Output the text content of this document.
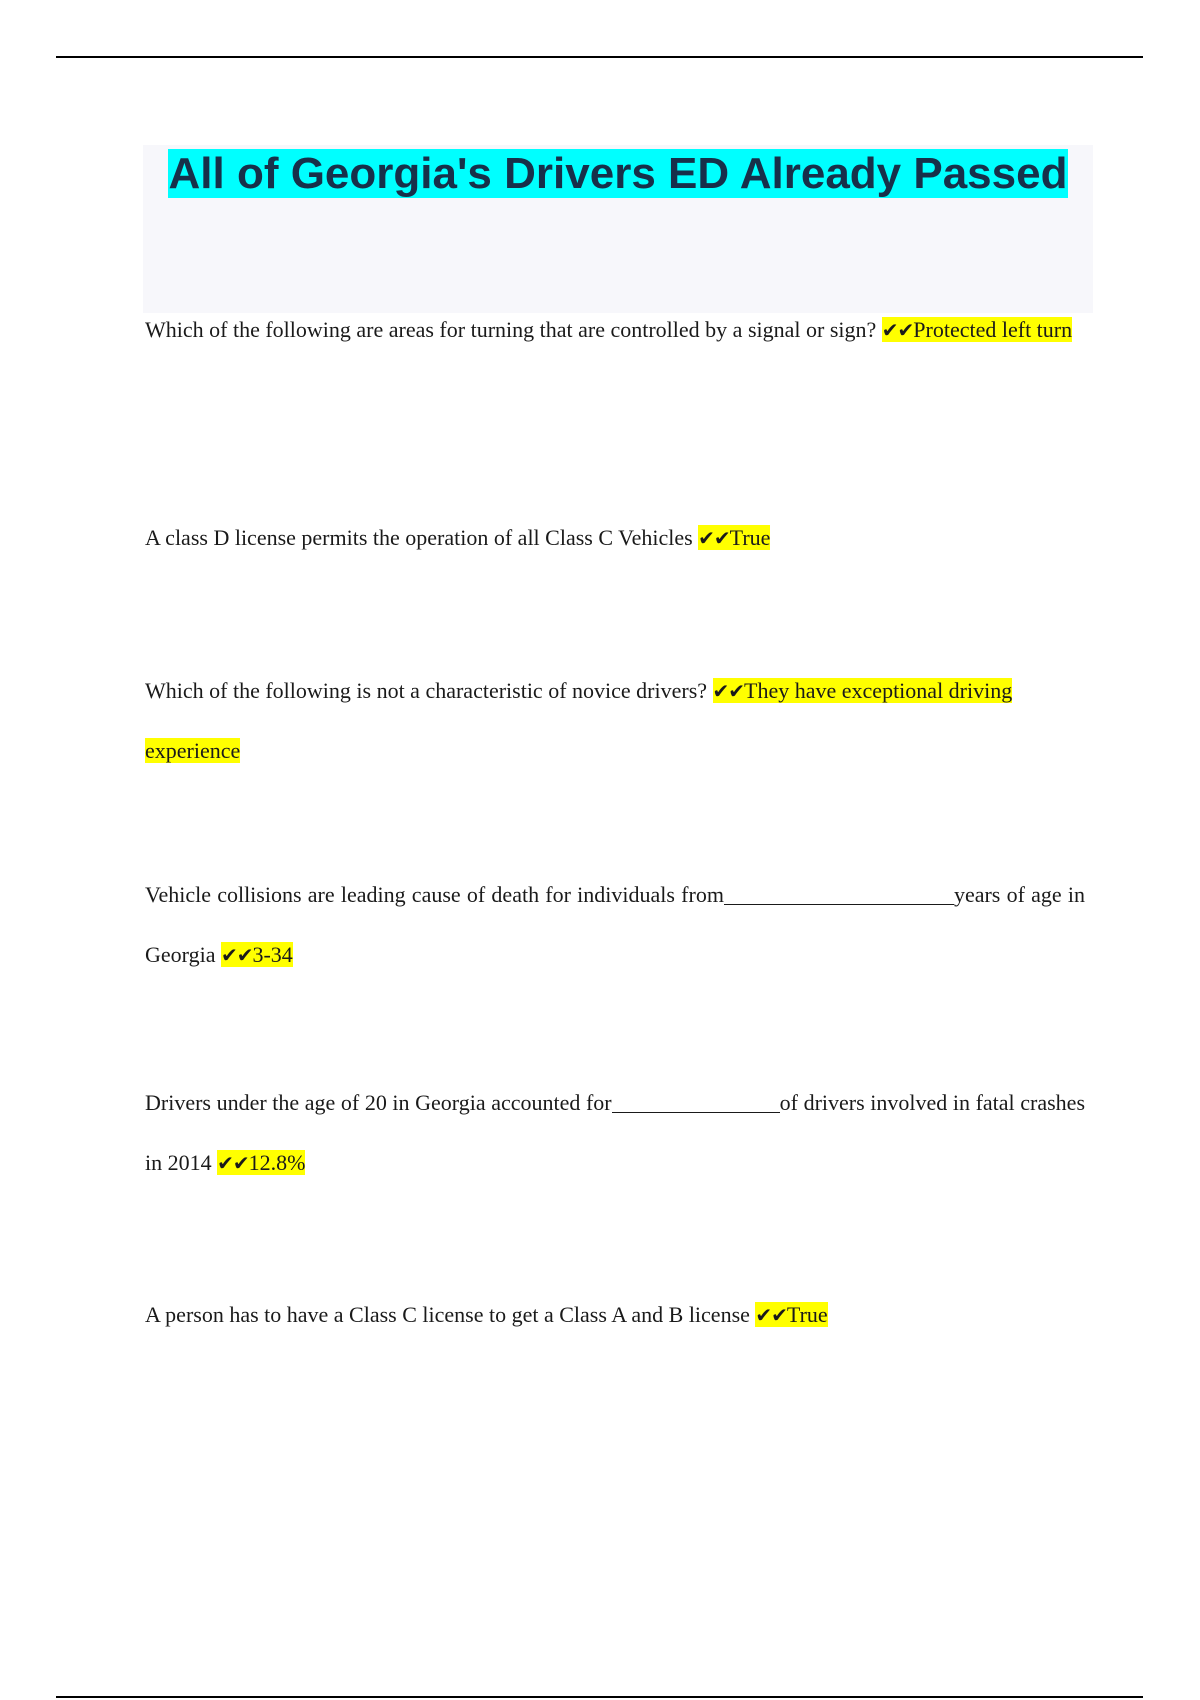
All of Georgia's Drivers ED Already Passed

Which of the following are areas for turning that are controlled by a signal or sign? ✔✔Protected left turn

A class D license permits the operation of all Class C Vehicles ✔✔True

Which of the following is not a characteristic of novice drivers? ✔✔They have exceptional driving experience

Vehicle collisions are leading cause of death for individuals from	years of age in Georgia ✔✔3-34

Drivers under the age of 20 in Georgia accounted for	of drivers involved in fatal crashes in 2014 ✔✔12.8%

A person has to have a Class C license to get a Class A and B license ✔✔True
